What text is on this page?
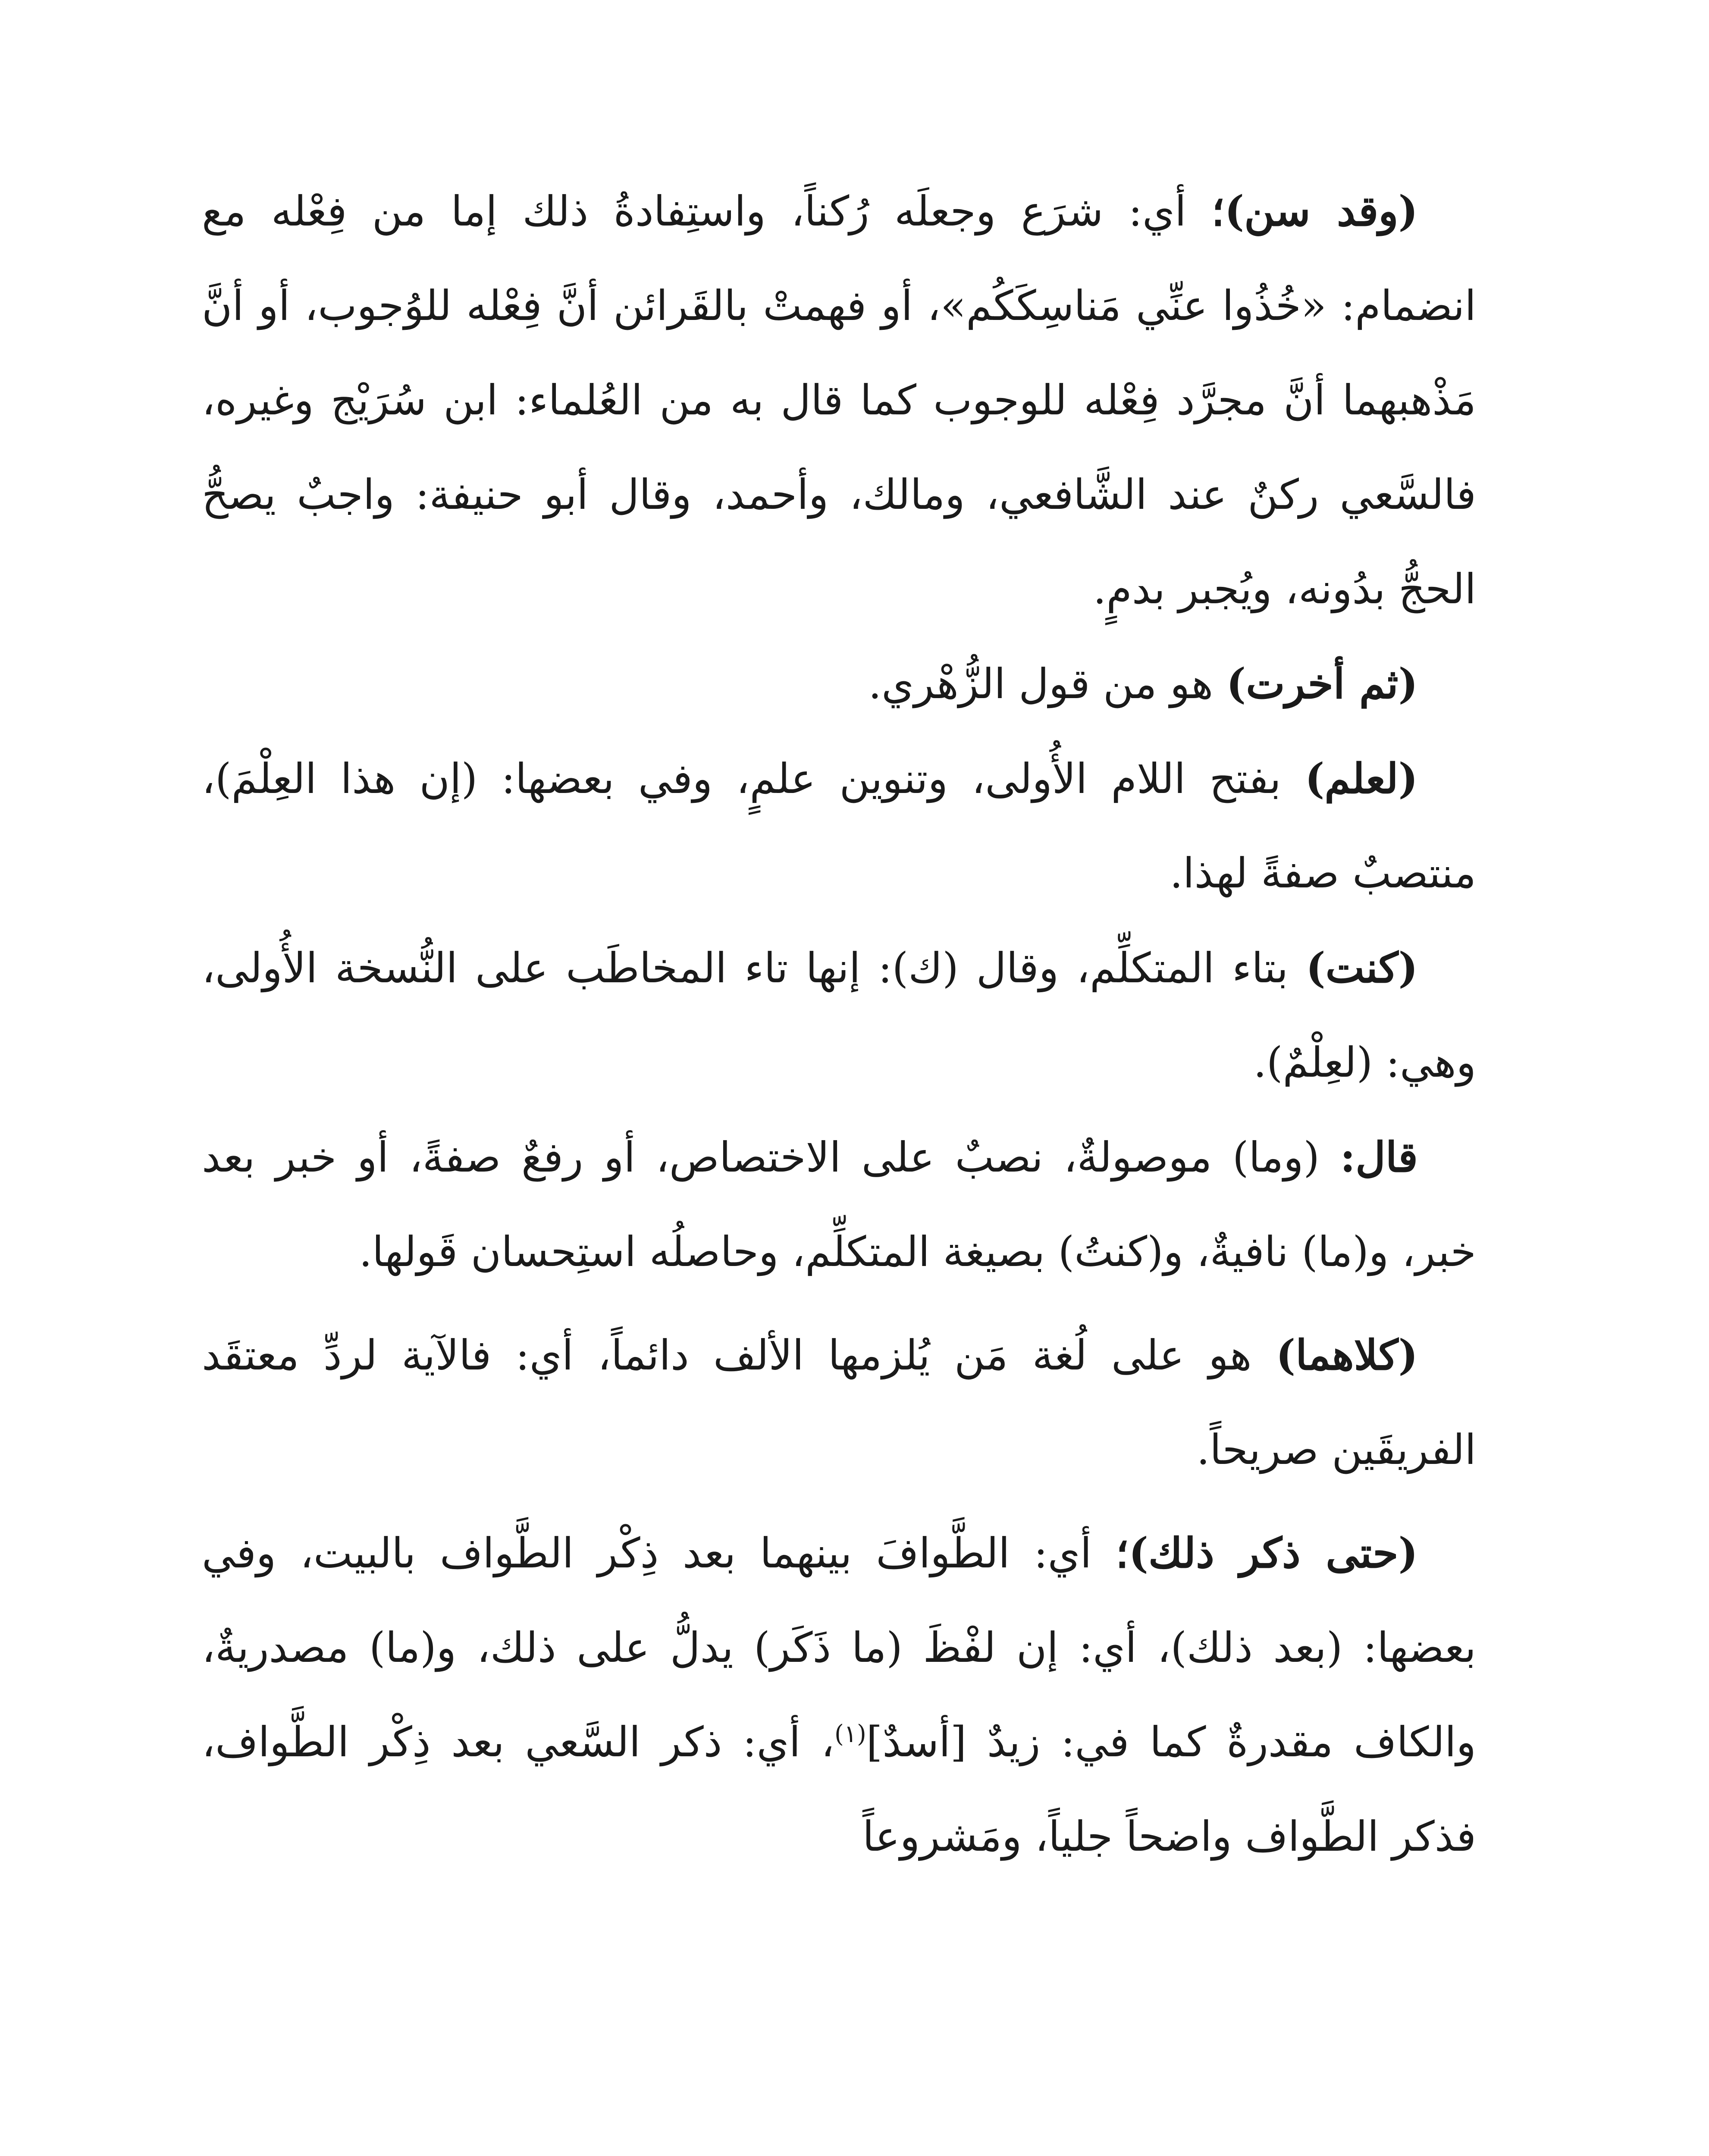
(وقد سن)؛ أي: شرَع وجعلَه رُكناً، واستِفادةُ ذلك إما من فِعْله مع انضمام: «خُذُوا عنِّي مَناسِكَكُم»، أو فهمتْ بالقَرائن أنَّ فِعْله للوُجوب، أو أنَّ مَذْهبهما أنَّ مجرَّد فِعْله للوجوب كما قال به من العُلماء: ابن سُرَيْج وغيره، فالسَّعي ركنٌ عند الشَّافعي، ومالك، وأحمد، وقال أبو حنيفة: واجبٌ يصحُّ الحجُّ بدُونه، ويُجبر بدمٍ.

(ثم أخرت) هو من قول الزُّهْري.

(لعلم) بفتح اللام الأُولى، وتنوين علمٍ، وفي بعضها: (إن هذا العِلْمَ)، منتصبٌ صفةً لهذا.

(كنت) بتاء المتكلِّم، وقال (ك): إنها تاء المخاطَب على النُّسخة الأُولى، وهي: (لعِلْمٌ).

قال: (وما) موصولةٌ، نصبٌ على الاختصاص، أو رفعٌ صفةً، أو خبر بعد خبر، و(ما) نافيةٌ، و(كنتُ) بصيغة المتكلِّم، وحاصلُه استِحسان قَولها.

(كلاهما) هو على لُغة مَن يُلزمها الألف دائماً، أي: فالآية لردِّ معتقَد الفريقَين صريحاً.

(حتى ذكر ذلك)؛ أي: الطَّوافَ بينهما بعد ذِكْر الطَّواف بالبيت، وفي بعضها: (بعد ذلك)، أي: إن لفْظَ (ما ذَكَر) يدلُّ على ذلك، و(ما) مصدريةٌ، والكاف مقدرةٌ كما في: زيدٌ [أسدٌ]$^{(١)}$، أي: ذكر السَّعي بعد ذِكْر الطَّواف، فذكر الطَّواف واضحاً جلياً، ومَشروعاً
